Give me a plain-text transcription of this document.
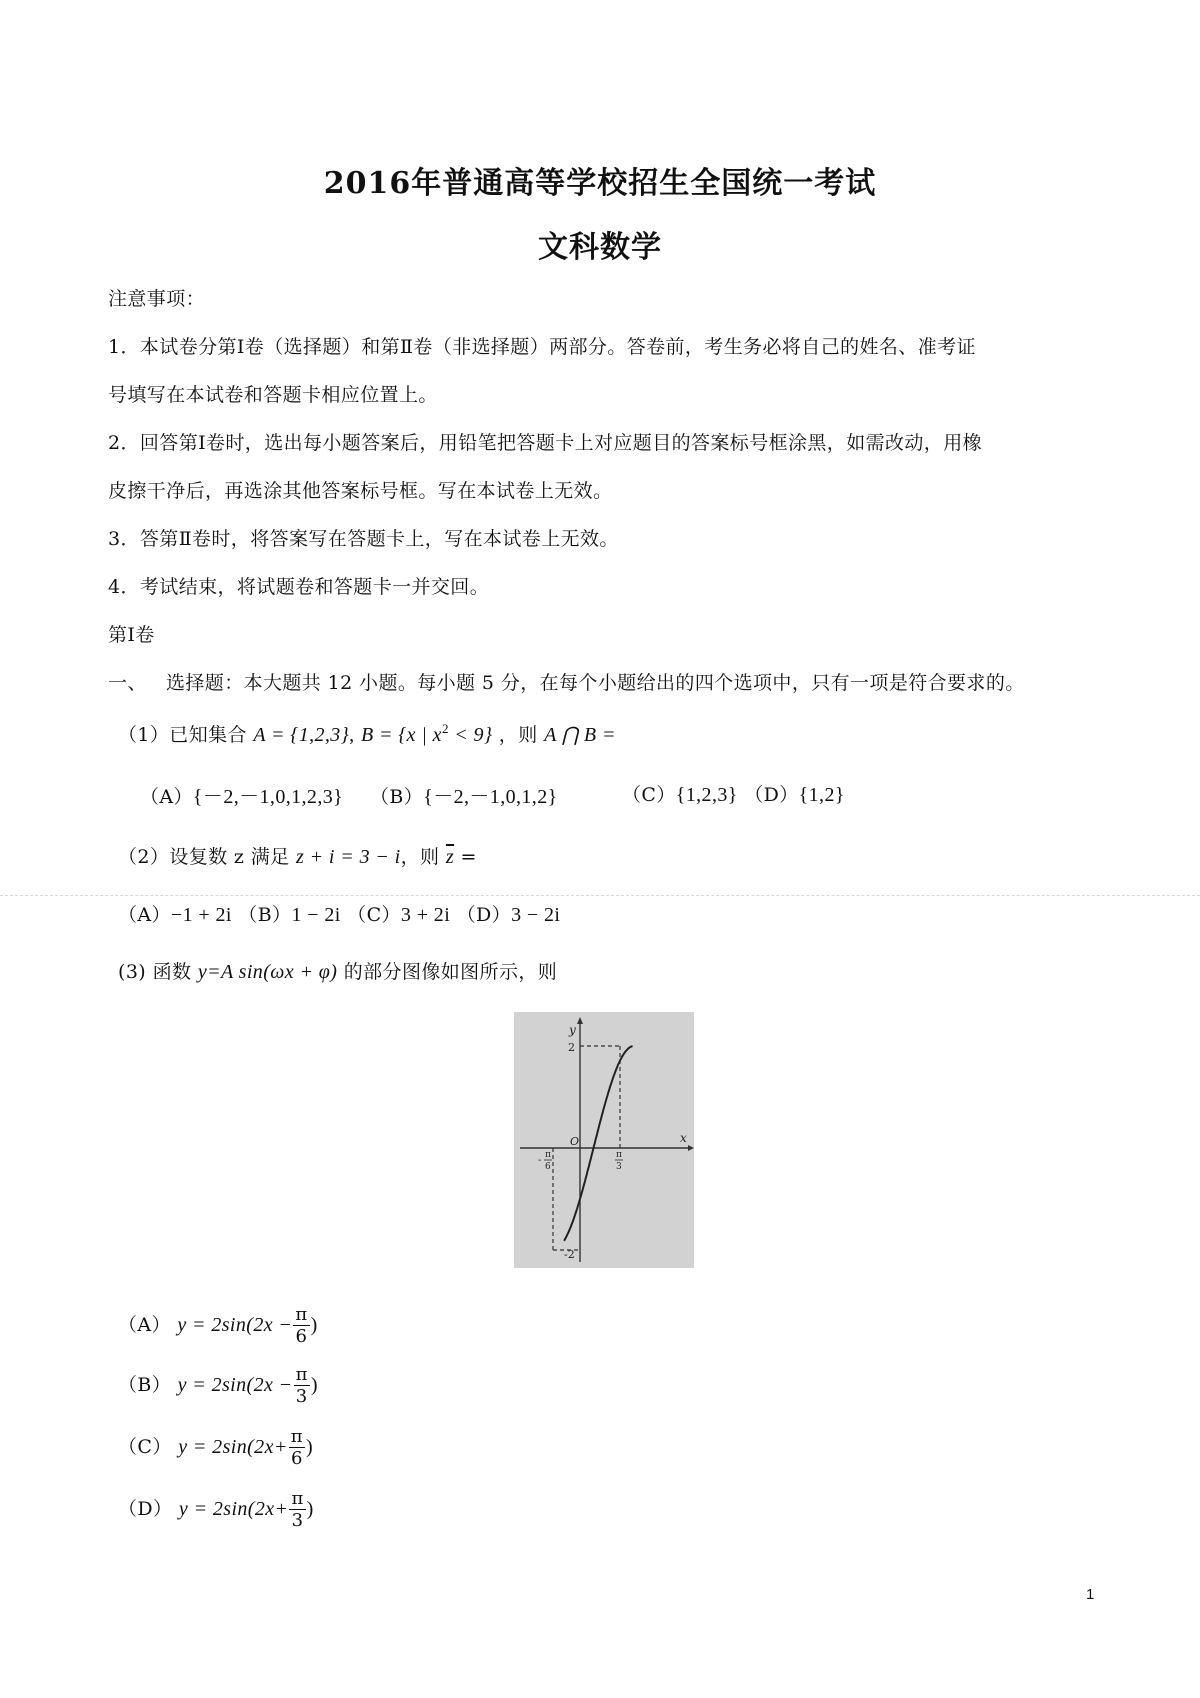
2016年普通高等学校招生全国统一考试
文科数学
注意事项：
1．本试卷分第Ⅰ卷（选择题）和第Ⅱ卷（非选择题）两部分。答卷前，考生务必将自己的姓名、准考证
号填写在本试卷和答题卡相应位置上。
2．回答第Ⅰ卷时，选出每小题答案后，用铅笔把答题卡上对应题目的答案标号框涂黑，如需改动，用橡
皮擦干净后，再选涂其他答案标号框。写在本试卷上无效。
3．答第Ⅱ卷时，将答案写在答题卡上，写在本试卷上无效。
4．考试结束，将试题卷和答题卡一并交回。
第Ⅰ卷
一、 选择题：本大题共 12 小题。每小题 5 分，在每个小题给出的四个选项中，只有一项是符合要求的。
（1）已知集合 A = {1,2,3}, B = {x | $x^2 < 9$} ，则 A ⋂ B =
（A）{－2,－1,0,1,2,3} （B）{－2,－1,0,1,2}	（C）{1,2,3} （D）{1,2}
（2）设复数 z 满足 z + i = 3 − i，则 $\overline{z}$ =
（A）−1 + 2i （B）1 − 2i （C）3 + 2i （D）3 − 2i
(3) 函数 y=A sin(ωx + φ) 的部分图像如图所示，则
y
x
O
2
-2
- π
6
π
3
（A） $y = 2\sin(2x - \frac{\pi}{6}$ )
（B） $y = 2\sin(2x - \frac{\pi}{3}$ )
（C） $y = 2\sin(2x+ \frac{\pi}{6}$ )
（D） $y = 2\sin(2x+ \frac{\pi}{3}$ )
1
